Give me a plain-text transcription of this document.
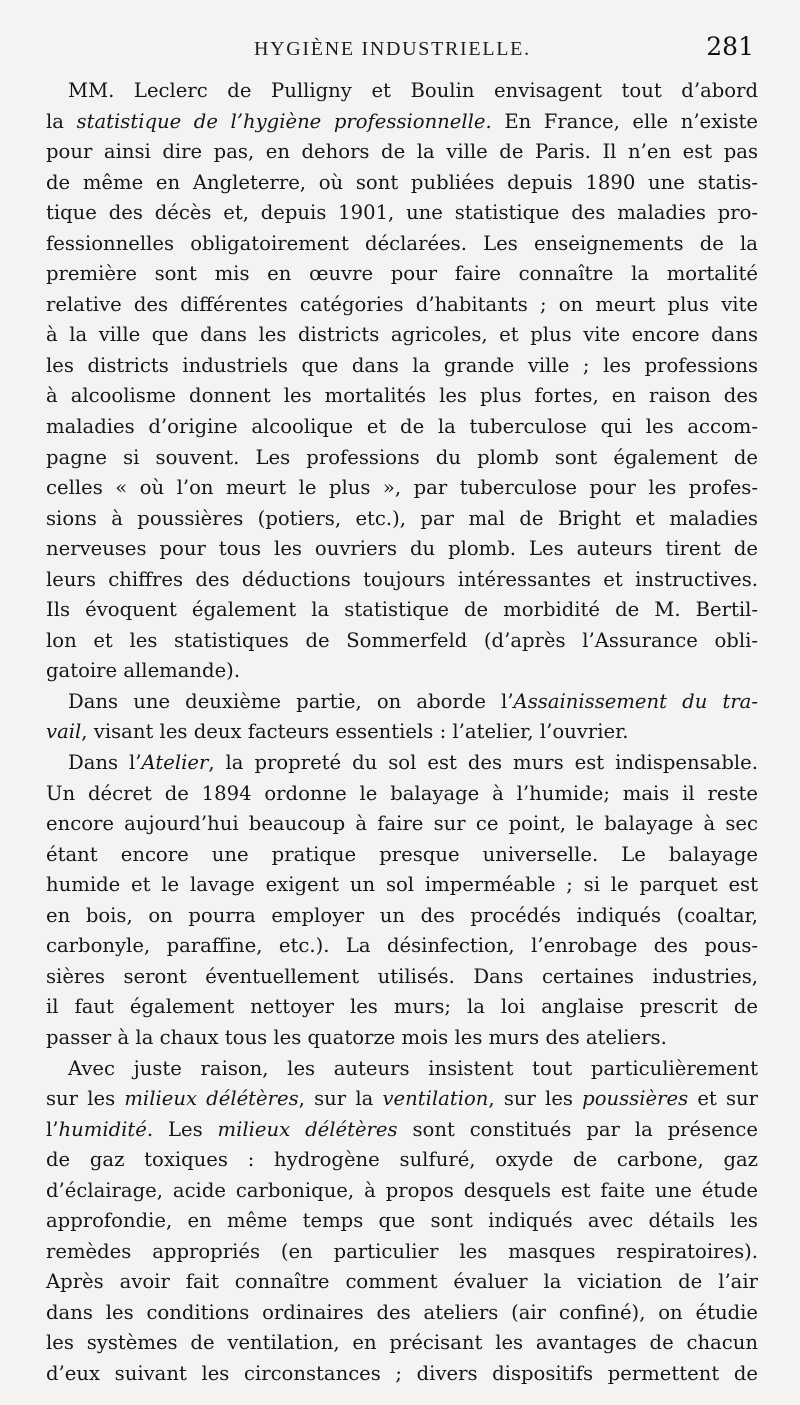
HYGIÈNE INDUSTRIELLE.	281
MM. Leclerc de Pulligny et Boulin envisagent tout d’abord
la statistique de l’hygiène professionnelle. En France, elle n’existe
pour ainsi dire pas, en dehors de la ville de Paris. Il n’en est pas
de même en Angleterre, où sont publiées depuis 1890 une statis-
tique des décès et, depuis 1901, une statistique des maladies pro-
fessionnelles obligatoirement déclarées. Les enseignements de la
première sont mis en œuvre pour faire connaître la mortalité
relative des différentes catégories d’habitants ; on meurt plus vite
à la ville que dans les districts agricoles, et plus vite encore dans
les districts industriels que dans la grande ville ; les professions
à alcoolisme donnent les mortalités les plus fortes, en raison des
maladies d’origine alcoolique et de la tuberculose qui les accom-
pagne si souvent. Les professions du plomb sont également de
celles « où l’on meurt le plus », par tuberculose pour les profes-
sions à poussières (potiers, etc.), par mal de Bright et maladies
nerveuses pour tous les ouvriers du plomb. Les auteurs tirent de
leurs chiffres des déductions toujours intéressantes et instructives.
Ils évoquent également la statistique de morbidité de M. Bertil-
lon et les statistiques de Sommerfeld (d’après l’Assurance obli-
gatoire allemande).
Dans une deuxième partie, on aborde l’Assainissement du tra-
vail, visant les deux facteurs essentiels : l’atelier, l’ouvrier.
Dans l’Atelier, la propreté du sol est des murs est indispensable.
Un décret de 1894 ordonne le balayage à l’humide; mais il reste
encore aujourd’hui beaucoup à faire sur ce point, le balayage à sec
étant encore une pratique presque universelle. Le balayage
humide et le lavage exigent un sol imperméable ; si le parquet est
en bois, on pourra employer un des procédés indiqués (coaltar,
carbonyle, paraffine, etc.). La désinfection, l’enrobage des pous-
sières seront éventuellement utilisés. Dans certaines industries,
il faut également nettoyer les murs; la loi anglaise prescrit de
passer à la chaux tous les quatorze mois les murs des ateliers.
Avec juste raison, les auteurs insistent tout particulièrement
sur les milieux délétères, sur la ventilation, sur les poussières et sur
l’humidité. Les milieux délétères sont constitués par la présence
de gaz toxiques : hydrogène sulfuré, oxyde de carbone, gaz
d’éclairage, acide carbonique, à propos desquels est faite une étude
approfondie, en même temps que sont indiqués avec détails les
remèdes appropriés (en particulier les masques respiratoires).
Après avoir fait connaître comment évaluer la viciation de l’air
dans les conditions ordinaires des ateliers (air confiné), on étudie
les systèmes de ventilation, en précisant les avantages de chacun
d’eux suivant les circonstances ; divers dispositifs permettent de
